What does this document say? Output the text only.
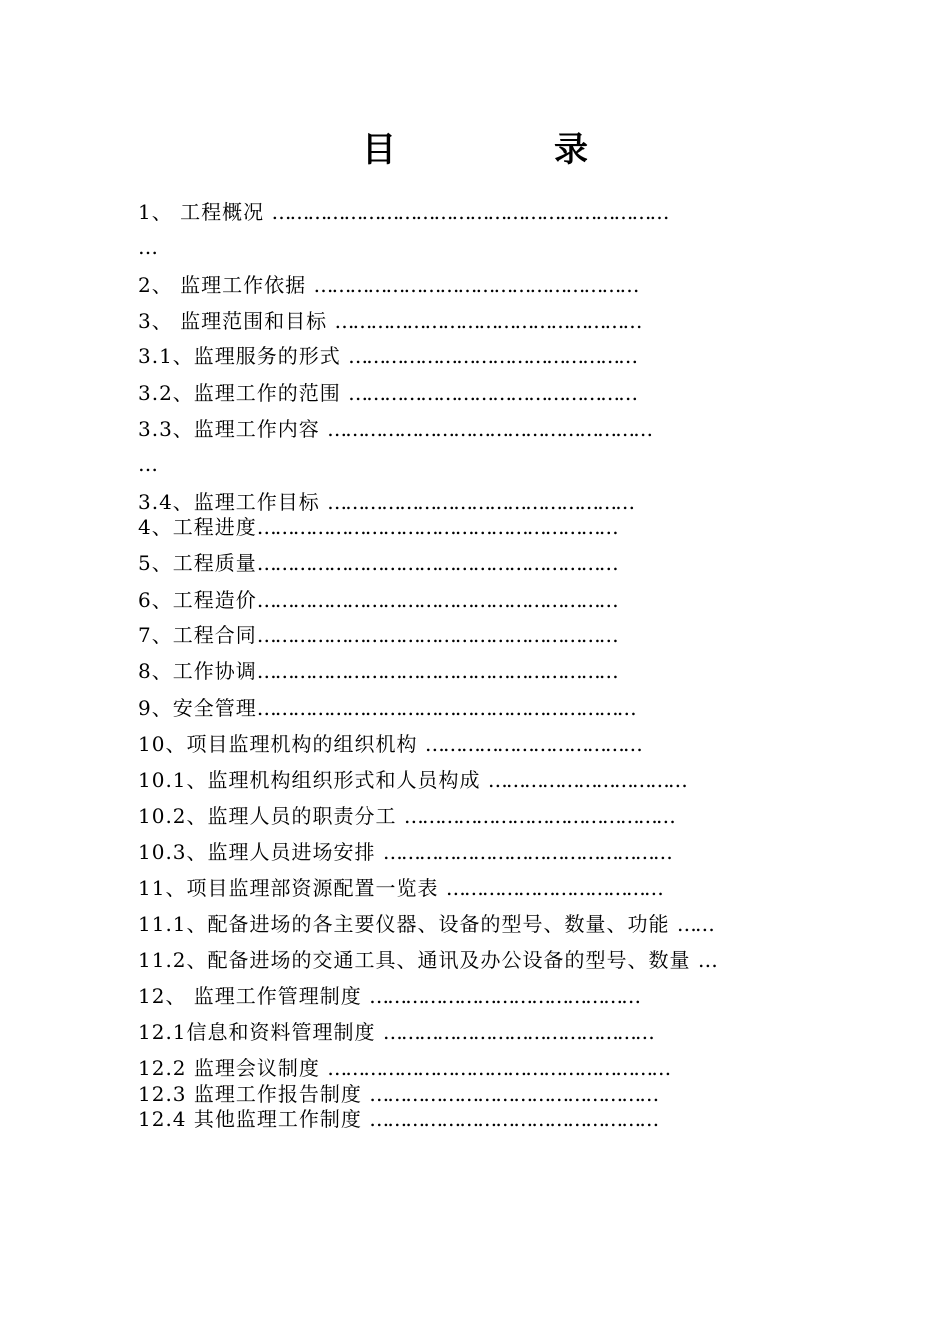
目　录
1、 工程概况 …………………………………………………………
…
2、 监理工作依据 ………………………………………………
3、 监理范围和目标 ……………………………………………
3.1、监理服务的形式 …………………………………………
3.2、监理工作的范围 …………………………………………
3.3、监理工作内容 ………………………………………………
…
3.4、监理工作目标 ……………………………………………
4、工程进度……………………………………………………
5、工程质量……………………………………………………
6、工程造价……………………………………………………
7、工程合同……………………………………………………
8、工作协调……………………………………………………
9、安全管理………………………………………………………
10、项目监理机构的组织机构 ………………………………
10.1、监理机构组织形式和人员构成 ……………………………
10.2、监理人员的职责分工 ………………………………………
10.3、监理人员进场安排 …………………………………………
11、项目监理部资源配置一览表 ………………………………
11.1、配备进场的各主要仪器、设备的型号、数量、功能 ……
11.2、配备进场的交通工具、通讯及办公设备的型号、数量 …
12、 监理工作管理制度 ………………………………………
12.1信息和资料管理制度 ………………………………………
12.2 监理会议制度 …………………………………………………
12.3 监理工作报告制度 …………………………………………
12.4 其他监理工作制度 …………………………………………
